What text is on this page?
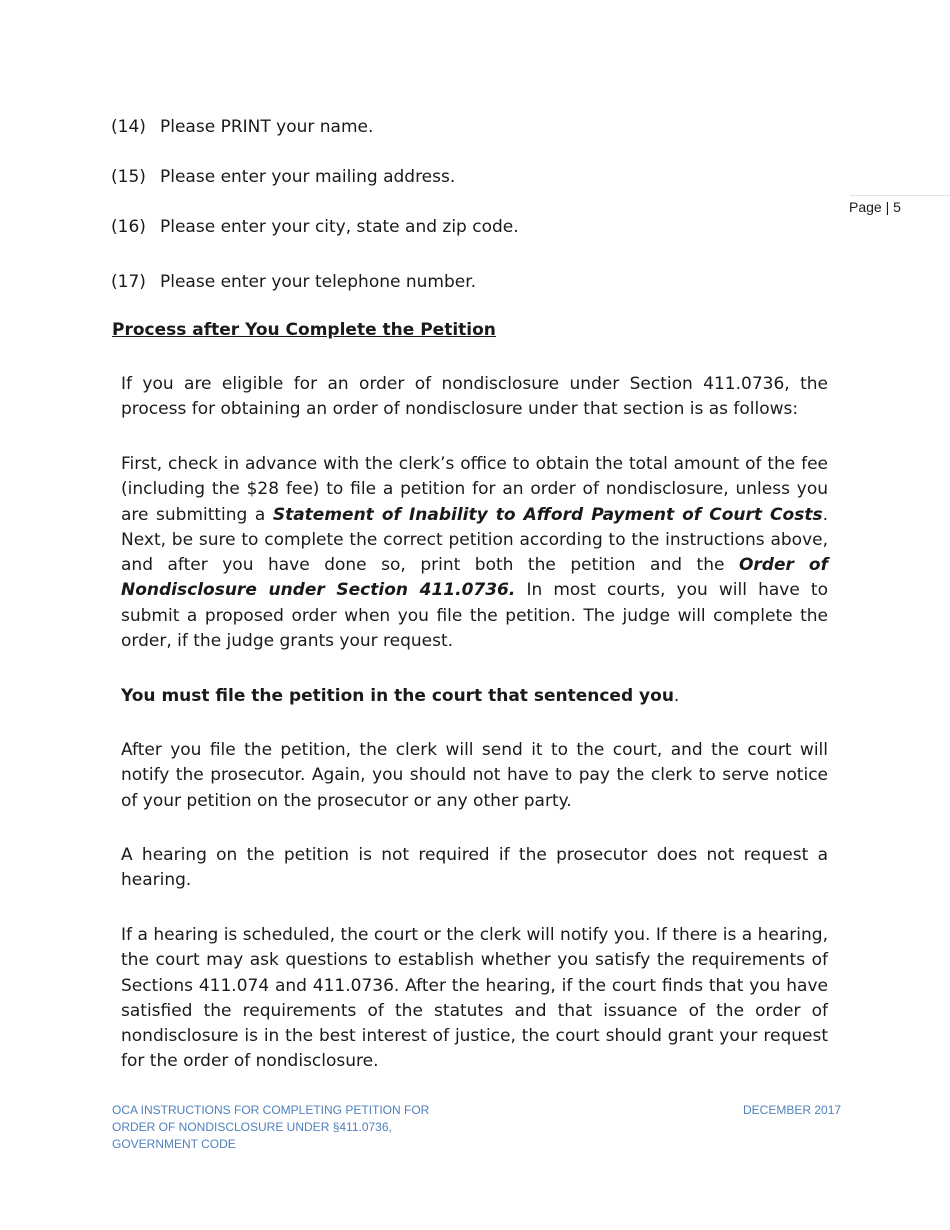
Page | 5
(14) Please PRINT your name.
(15) Please enter your mailing address.
(16) Please enter your city, state and zip code.
(17) Please enter your telephone number.
Process after You Complete the Petition

If you are eligible for an order of nondisclosure under Section 411.0736, the process for obtaining an order of nondisclosure under that section is as follows:

First, check in advance with the clerk’s office to obtain the total amount of the fee (including the $28 fee) to file a petition for an order of nondisclosure, unless you are submitting a Statement of Inability to Afford Payment of Court Costs. Next, be sure to complete the correct petition according to the instructions above, and after you have done so, print both the petition and the Order of Nondisclosure under Section 411.0736. In most courts, you will have to submit a proposed order when you file the petition. The judge will complete the order, if the judge grants your request.

You must file the petition in the court that sentenced you.

After you file the petition, the clerk will send it to the court, and the court will notify the prosecutor. Again, you should not have to pay the clerk to serve notice of your petition on the prosecutor or any other party.

A hearing on the petition is not required if the prosecutor does not request a hearing.

If a hearing is scheduled, the court or the clerk will notify you. If there is a hearing, the court may ask questions to establish whether you satisfy the requirements of Sections 411.074 and 411.0736. After the hearing, if the court finds that you have satisfied the requirements of the statutes and that issuance of the order of nondisclosure is in the best interest of justice, the court should grant your request for the order of nondisclosure.

OCA INSTRUCTIONS FOR COMPLETING PETITION FOR ORDER OF NONDISCLOSURE UNDER §411.0736, GOVERNMENT CODE
DECEMBER 2017
